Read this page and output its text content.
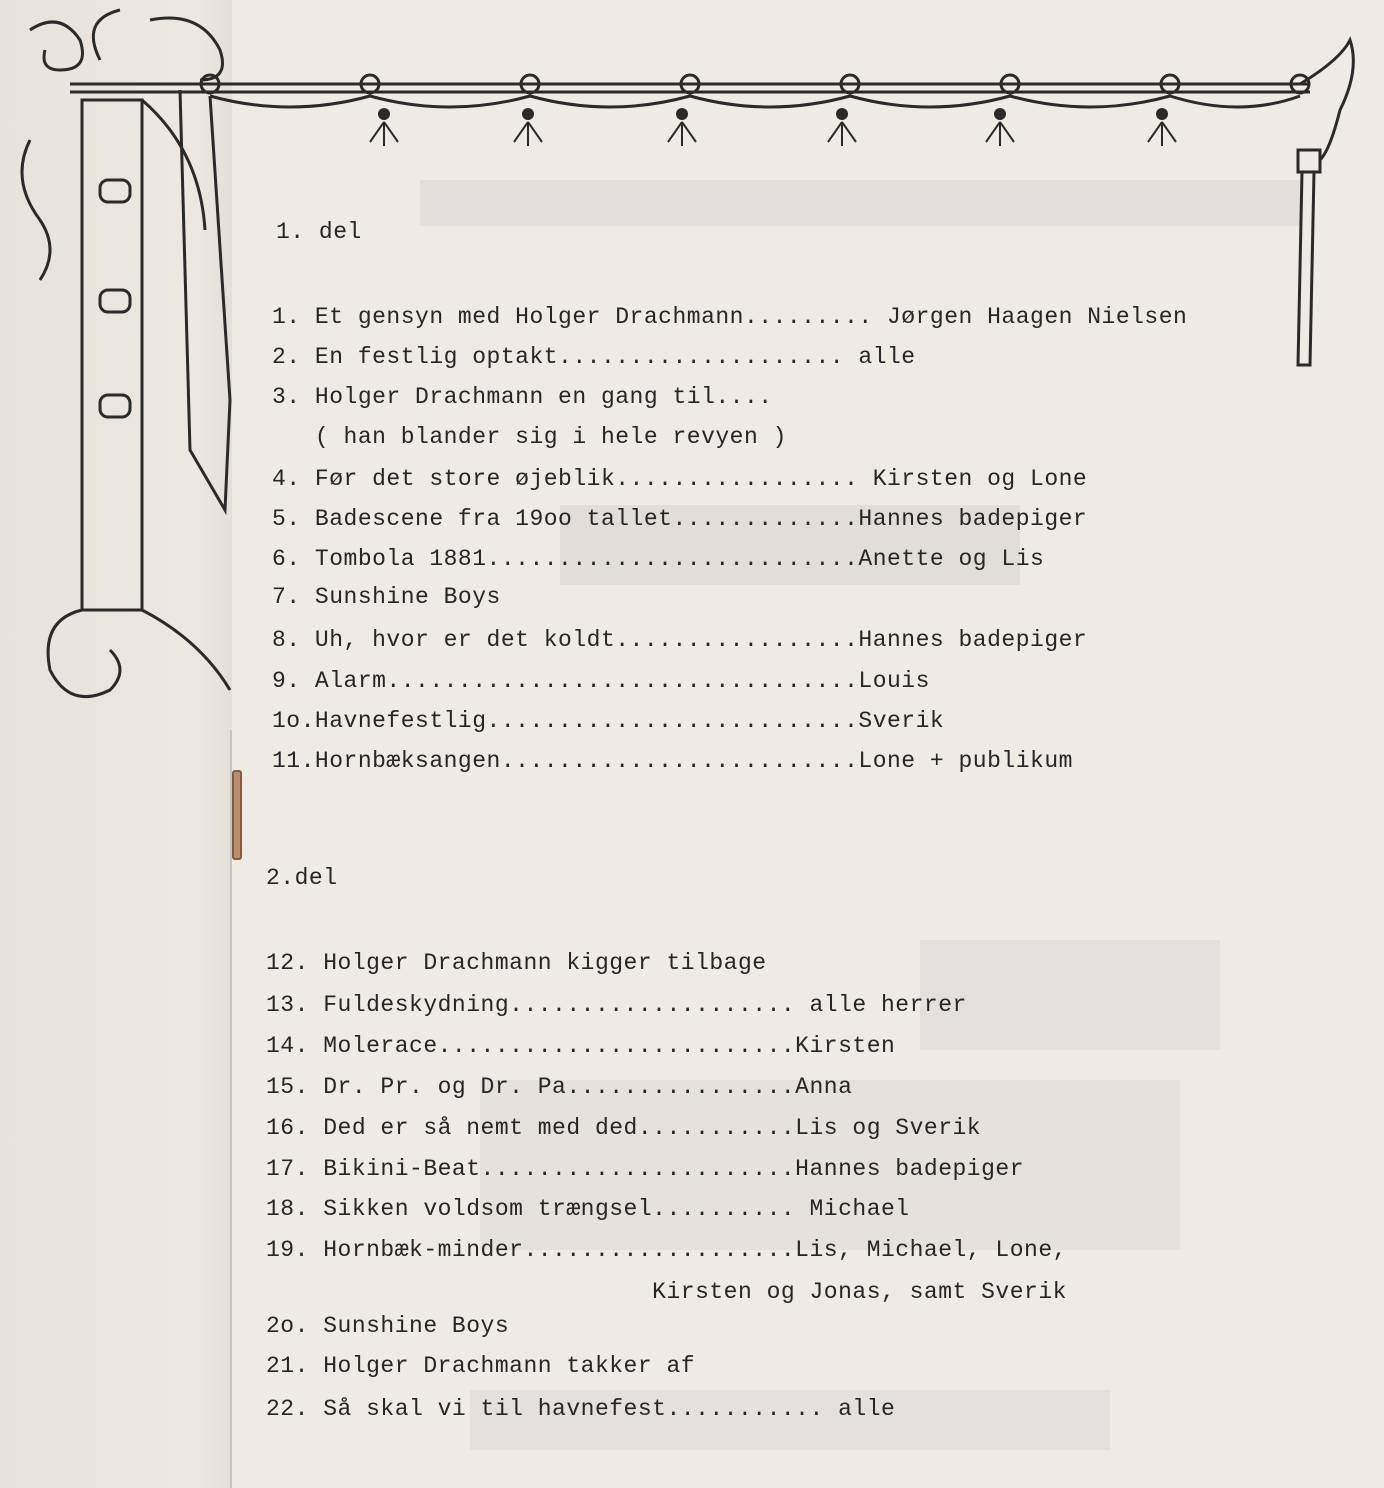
1. del
1. Et gensyn med Holger Drachmann......... Jørgen Haagen Nielsen
2. En festlig optakt.................... alle
3. Holger Drachmann en gang til....
( han blander sig i hele revyen )
4. Før det store øjeblik................. Kirsten og Lone
5. Badescene fra 19oo tallet.............Hannes badepiger
6. Tombola 1881..........................Anette og Lis
7. Sunshine Boys
8. Uh, hvor er det koldt.................Hannes badepiger
9. Alarm.................................Louis
1o.Havnefestlig..........................Sverik
11.Hornbæksangen.........................Lone + publikum
2.del
12. Holger Drachmann kigger tilbage
13. Fuldeskydning.................... alle herrer
14. Molerace.........................Kirsten
15. Dr. Pr. og Dr. Pa................Anna
16. Ded er så nemt med ded...........Lis og Sverik
17. Bikini-Beat......................Hannes badepiger
18. Sikken voldsom trængsel.......... Michael
19. Hornbæk-minder...................Lis, Michael, Lone,
Kirsten og Jonas, samt Sverik
2o. Sunshine Boys
21. Holger Drachmann takker af
22. Så skal vi til havnefest........... alle
